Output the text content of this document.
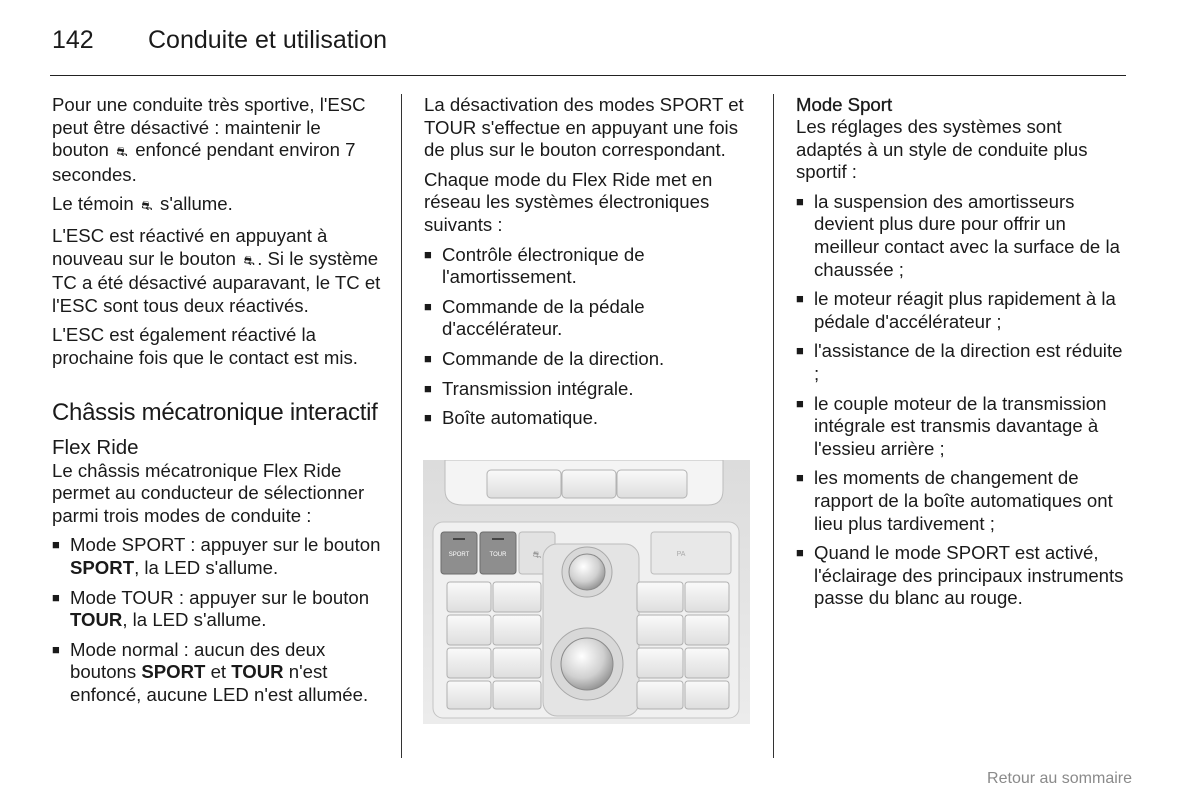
142 Conduite et utilisation

Pour une conduite très sportive, l'ESC peut être désactivé : maintenir le bouton ⛐ enfoncé pendant environ 7 secondes.

Le témoin ⛐ s'allume.

L'ESC est réactivé en appuyant à nouveau sur le bouton ⛐ . Si le système TC a été désactivé auparavant, le TC et l'ESC sont tous deux réactivés.

L'ESC est également réactivé la prochaine fois que le contact est mis.

Châssis mécatronique interactif
Flex Ride

Le châssis mécatronique Flex Ride permet au conducteur de sélectionner parmi trois modes de conduite :

■ Mode SPORT : appuyer sur le bouton SPORT, la LED s'allume.
■ Mode TOUR : appuyer sur le bouton TOUR, la LED s'allume.
■ Mode normal : aucun des deux boutons SPORT et TOUR n'est enfoncé, aucune LED n'est allumée.

La désactivation des modes SPORT et TOUR s'effectue en appuyant une fois de plus sur le bouton correspondant.

Chaque mode du Flex Ride met en réseau les systèmes électroniques suivants :

■ Contrôle électronique de l'amortissement.
■ Commande de la pédale d'accélérateur.
■ Commande de la direction.
■ Transmission intégrale.
■ Boîte automatique.
SPORT	TOUR	⛐	PA
Mode Sport

Les réglages des systèmes sont adaptés à un style de conduite plus sportif :

■ la suspension des amortisseurs devient plus dure pour offrir un meilleur contact avec la surface de la chaussée ;
■ le moteur réagit plus rapidement à la pédale d'accélérateur ;
■ l'assistance de la direction est réduite ;
■ le couple moteur de la transmission intégrale est transmis davantage à l'essieu arrière ;
■ les moments de changement de rapport de la boîte automatiques ont lieu plus tardivement ;
■ Quand le mode SPORT est activé, l'éclairage des principaux instruments passe du blanc au rouge.
Retour au sommaire
